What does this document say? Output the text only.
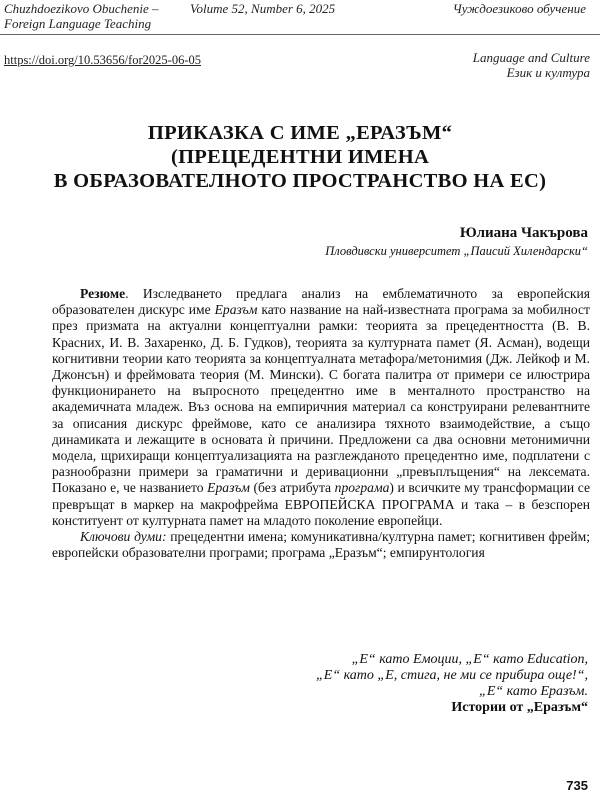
Chuzhdoezikovo Obuchenie –
Foreign Language Teaching
Volume 52, Number 6, 2025	Чуждоезиково обучение
https://doi.org/10.53656/for2025-06-05	Language and Culture
Език и култура
ПРИКАЗКА С ИМЕ „ЕРАЗЪМ“
(ПРЕЦЕДЕНТНИ ИМЕНА
В ОБРАЗОВАТЕЛНОТО ПРОСТРАНСТВО НА ЕС)
Юлиана Чакърова
Пловдивски университет „Паисий Хилендарски“

Резюме. Изследването предлага анализ на емблематичното за европейския образователен дискурс име Еразъм като название на най-известната програма за мобилност през призмата на актуални концептуални рамки: теорията за прецедентността (В. В. Красних, И. В. Захаренко, Д. Б. Гудков), теорията за културната памет (Я. Асман), водещи когнитивни теории като теорията за концептуалната метафора/метонимия (Дж. Лейкоф и М. Джонсън) и фреймовата теория (М. Мински). С богата палитра от примери се илюстрира функционирането на въпросното прецедентно име в менталното пространство на академичната младеж. Въз основа на емпиричния материал са конструирани релевантните за описания дискурс фреймове, като се анализира тяхното взаимодействие, а също динамиката и лежащите в основата ѝ причини. Предложени са два основни метонимични модела, щрихиращи концептуализацията на разглежданото прецедентно име, подплатени с разнообразни примери за граматични и деривационни „превъплъщения“ на лексемата. Показано е, че названието Еразъм (без атрибута програма) и всичките му трансформации се превръщат в маркер на макрофрейма ЕВРОПЕЙСКА ПРОГРАМА и така – в безспорен конституент от културната памет на младото поколение европейци.

Ключови думи: прецедентни имена; комуникативна/културна памет; когнитивен фрейм; европейски образователни програми; програма „Еразъм“; емпирунтология

„Е“ като Емоции, „Е“ като Education,
„Е“ като „Е, стига, не ми се прибира още!“,
„Е“ като Еразъм.
Истории от „Еразъм“
735
